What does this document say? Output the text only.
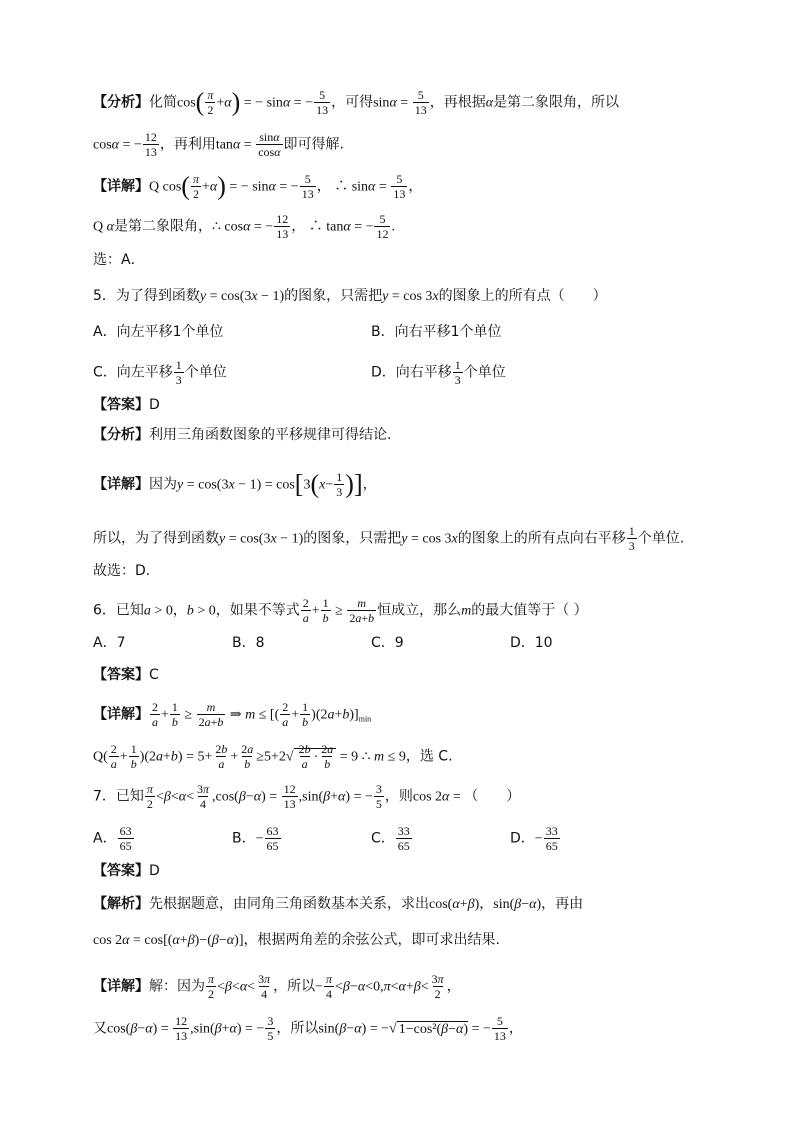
【分析】化简$\cos( \frac{\pi}{2} +\alpha)$ = − sinα = − $\frac{5}{13}$ ，可得$\sin\alpha = \frac{5}{13}$ ，再根据α是第二象限角，所以
cosα = − $\frac{12}{13}$ ，再利用$\tan\alpha = \frac{\sin\alpha}{\cos\alpha}$ 即可得解.
【详解】Q $\cos( \frac{\pi}{2} +\alpha)$ = − sinα = − $\frac{5}{13}$ ， ∴ $\sin\alpha = \frac{5}{13}$ ，
Q α是第二象限角，∴ cosα = − $\frac{12}{13}$ ， ∴ tanα = − $\frac{5}{12}$ .
选：A．
5．为了得到函数y = cos(3x − 1)的图象，只需把y = cos 3x的图象上的所有点（　　）
A．向左平移1个单位	B．向右平移1个单位
C．向左平移 $\frac{1}{3}$ 个单位	D．向右平移 $\frac{1}{3}$ 个单位
【答案】D
【分析】利用三角函数图象的平移规律可得结论.
【详解】因为$y = \cos(3x - 1) = \cos[3(x- \frac{1}{3}$ )]，
所以，为了得到函数y = cos(3x − 1)的图象，只需把y = cos 3x的图象上的所有点向右平移 $\frac{1}{3}$ 个单位.
故选：D.
6．已知a > 0，b > 0，如果不等式 $\frac{2}{a} + \frac{1}{b} \ge \frac{m}{2a+b}$ 恒成立，那么m的最大值等于（ ）
A．7	B．8	C．9	D．10
【答案】C
【详解】 $\frac{2}{a} + \frac{1}{b} \ge \frac{m}{2a+b}$ ⇒ m ≤ [( $\frac{2}{a} + \frac{1}{b} )(2a+b)]_{min}$
$Q( \frac{2}{a} + \frac{1}{b} )(2a+b) = 5+ \frac{2b}{a} + \frac{2a}{b} \ge 5+2√ \frac{2b}{a} \cdot \frac{2a}{b} = 9$ ∴ m ≤ 9，选 C.
7．已知 $\frac{\pi}{2} <\beta<\alpha< \frac{3\pi}{4} ,\cos(\beta-\alpha) = \frac{12}{13} ,\sin(\beta+\alpha)$ = − $\frac{3}{5}$ ，则cos 2α = （　　）
A． $\frac{63}{65}$	B．− $\frac{63}{65}$	C． $\frac{33}{65}$	D．− $\frac{33}{65}$
【答案】D
【解析】先根据题意，由同角三角函数基本关系，求出cos(α+β)，sin(β−α)，再由
cos 2α = cos[(α+β)−(β−α)]，根据两角差的余弦公式，即可求出结果.
【详解】解：因为 $\frac{\pi}{2} <\beta<\alpha< \frac{3\pi}{4}$ ，所以− $\frac{\pi}{4} <\beta-\alpha<0,\pi<\alpha+\beta< \frac{3\pi}{2}$ ，
又$\cos(\beta-\alpha) = \frac{12}{13} ,\sin(\beta+\alpha)$ = − $\frac{3}{5}$ ，所以sin(β−α) = −√ 1−cos²(β−α) = − $\frac{5}{13}$ ，
